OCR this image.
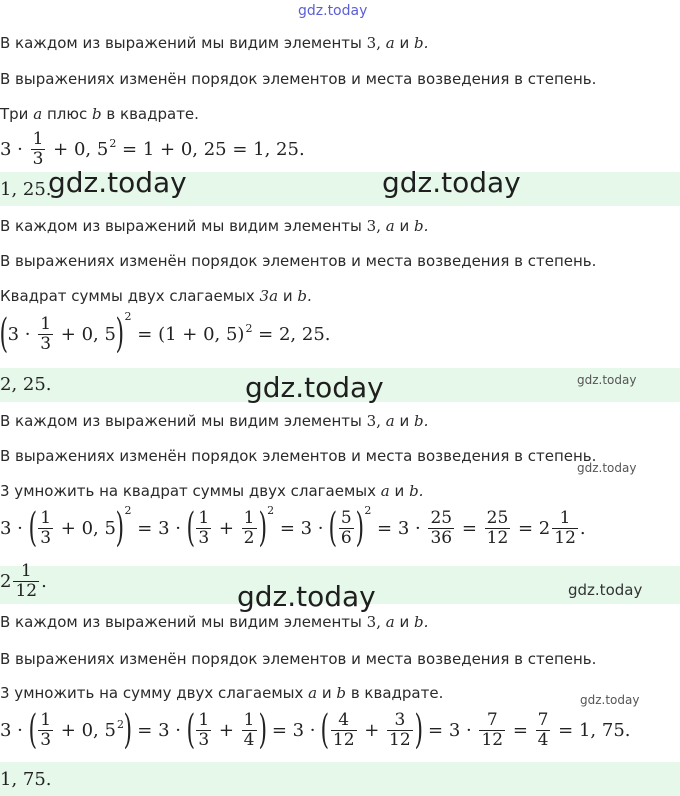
gdz.today
В каждом из выражений мы видим элементы 3, a и b.
В выражениях изменён порядок элементов и места возведения в степень.
Три a плюс b в квадрате.
$3 \cdot \frac{1}{3} + 0$, $5^2 = 1 + 0$, 25 = 1, 25.
1, 25.
gdz.today	gdz.today
В каждом из выражений мы видим элементы 3, a и b.
В выражениях изменён порядок элементов и места возведения в степень.
Квадрат суммы двух слагаемых 3a и b.
( $3 \cdot \frac{1}{3} + 0$, 5 ) 2
= (1 + 0, 5)$^2$ = 2, 25.
2, 25.	gdz.today	gdz.today
В каждом из выражений мы видим элементы 3, a и b.
В выражениях изменён порядок элементов и места возведения в степень.
gdz.today
3 умножить на квадрат суммы двух слагаемых a и b.
3 · ( $\frac{1}{3} + 0$, 5 ) 2
= 3 · ( $\frac{1}{3} + \frac{1}{2}$ ) 2
= 3 · ( $\frac{5}{6}$ ) 2
= $3 \cdot \frac{25}{36} = \frac{25}{12} = 2 \frac{1}{12}$ .
$2 \frac{1}{12}$ .	gdz.today	gdz.today
В каждом из выражений мы видим элементы 3, a и b.
В выражениях изменён порядок элементов и места возведения в степень.
3 умножить на сумму двух слагаемых a и b в квадрате.	gdz.today
3 · ( $\frac{1}{3} + 0$, $5^2$ ) = 3 · ( $\frac{1}{3} + \frac{1}{4}$ ) = 3 · ( $\frac{4}{12} + \frac{3}{12}$ ) = $3 \cdot \frac{7}{12} = \frac{7}{4} = 1$, 75.
1, 75.
